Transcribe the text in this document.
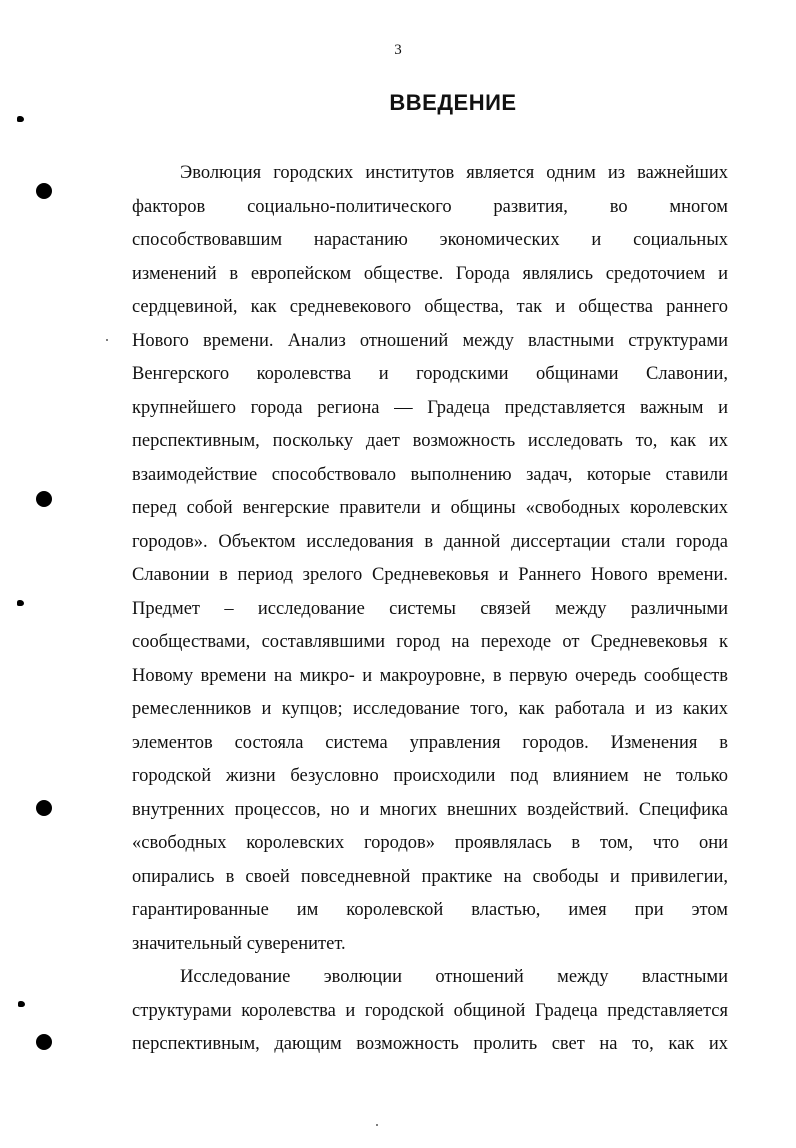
3
ВВЕДЕНИЕ

Эволюция городских институтов является одним из важнейших
факторов социально-политического развития, во многом
способствовавшим нарастанию экономических и социальных
изменений в европейском обществе. Города являлись средоточием и
сердцевиной, как средневекового общества, так и общества раннего
Нового времени. Анализ отношений между властными структурами
Венгерского королевства и городскими общинами Славонии,
крупнейшего города региона — Градеца представляется важным и
перспективным, поскольку дает возможность исследовать то, как их
взаимодействие способствовало выполнению задач, которые ставили
перед собой венгерские правители и общины «свободных королевских
городов». Объектом исследования в данной диссертации стали города
Славонии в период зрелого Средневековья и Раннего Нового времени.
Предмет – исследование системы связей между различными
сообществами, составлявшими город на переходе от Средневековья к
Новому времени на микро- и макроуровне, в первую очередь сообществ
ремесленников и купцов; исследование того, как работала и из каких
элементов состояла система управления городов. Изменения в
городской жизни безусловно происходили под влиянием не только
внутренних процессов, но и многих внешних воздействий. Специфика
«свободных королевских городов» проявлялась в том, что они
опирались в своей повседневной практике на свободы и привилегии,
гарантированные им королевской властью, имея при этом
значительный суверенитет.

Исследование эволюции отношений между властными
структурами королевства и городской общиной Градеца представляется
перспективным, дающим возможность пролить свет на то, как их
